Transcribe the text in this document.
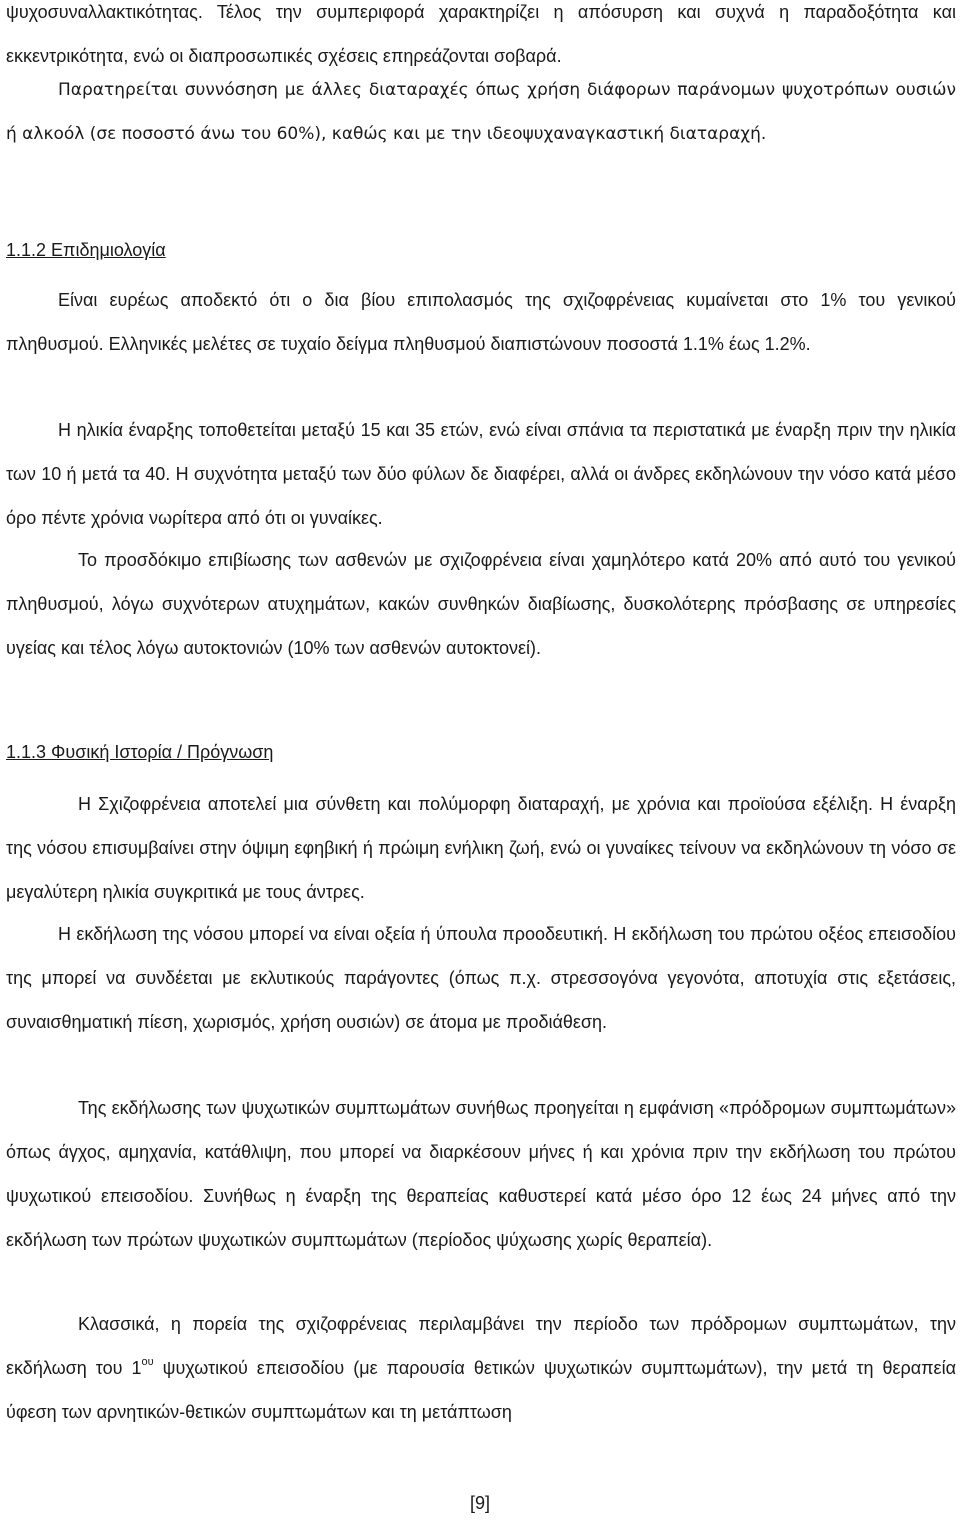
ψυχοσυναλλακτικότητας. Τέλος την συμπεριφορά χαρακτηρίζει η απόσυρση και συχνά η παραδοξότητα και εκκεντρικότητα, ενώ οι διαπροσωπικές σχέσεις επηρεάζονται σοβαρά.

Παρατηρείται συννόσηση με άλλες διαταραχές όπως χρήση διάφορων παράνομων ψυχοτρόπων ουσιών ή αλκοόλ (σε ποσοστό άνω του 60%), καθώς και με την ιδεοψυχαναγκαστική διαταραχή.

1.1.2 Επιδημιολογία

Είναι ευρέως αποδεκτό ότι ο δια βίου επιπολασμός της σχιζοφρένειας κυμαίνεται στο 1% του γενικού πληθυσμού. Ελληνικές μελέτες σε τυχαίο δείγμα πληθυσμού διαπιστώνουν ποσοστά 1.1% έως 1.2%.

Η ηλικία έναρξης τοποθετείται μεταξύ 15 και 35 ετών, ενώ είναι σπάνια τα περιστατικά με έναρξη πριν την ηλικία των 10 ή μετά τα 40. Η συχνότητα μεταξύ των δύο φύλων δε διαφέρει, αλλά οι άνδρες εκδηλώνουν την νόσο κατά μέσο όρο πέντε χρόνια νωρίτερα από ότι οι γυναίκες.

Το προσδόκιμο επιβίωσης των ασθενών με σχιζοφρένεια είναι χαμηλότερο κατά 20% από αυτό του γενικού πληθυσμού, λόγω συχνότερων ατυχημάτων, κακών συνθηκών διαβίωσης, δυσκολότερης πρόσβασης σε υπηρεσίες υγείας και τέλος λόγω αυτοκτονιών (10% των ασθενών αυτοκτονεί).

1.1.3 Φυσική Ιστορία / Πρόγνωση

Η Σχιζοφρένεια αποτελεί μια σύνθετη και πολύμορφη διαταραχή, με χρόνια και προϊούσα εξέλιξη. Η έναρξη της νόσου επισυμβαίνει στην όψιμη εφηβική ή πρώιμη ενήλικη ζωή, ενώ οι γυναίκες τείνουν να εκδηλώνουν τη νόσο σε μεγαλύτερη ηλικία συγκριτικά με τους άντρες.

Η εκδήλωση της νόσου μπορεί να είναι οξεία ή ύπουλα προοδευτική. Η εκδήλωση του πρώτου οξέος επεισοδίου της μπορεί να συνδέεται με εκλυτικούς παράγοντες (όπως π.χ. στρεσσογόνα γεγονότα, αποτυχία στις εξετάσεις, συναισθηματική πίεση, χωρισμός, χρήση ουσιών) σε άτομα με προδιάθεση.

Της εκδήλωσης των ψυχωτικών συμπτωμάτων συνήθως προηγείται η εμφάνιση «πρόδρομων συμπτωμάτων» όπως άγχος, αμηχανία, κατάθλιψη, που μπορεί να διαρκέσουν μήνες ή και χρόνια πριν την εκδήλωση του πρώτου ψυχωτικού επεισοδίου. Συνήθως η έναρξη της θεραπείας καθυστερεί κατά μέσο όρο 12 έως 24 μήνες από την εκδήλωση των πρώτων ψυχωτικών συμπτωμάτων (περίοδος ψύχωσης χωρίς θεραπεία).

Κλασσικά, η πορεία της σχιζοφρένειας περιλαμβάνει την περίοδο των πρόδρομων συμπτωμάτων, την εκδήλωση του $1^{o\upsilon}$ ψυχωτικού επεισοδίου (με παρουσία θετικών ψυχωτικών συμπτωμάτων), την μετά τη θεραπεία ύφεση των αρνητικών-θετικών συμπτωμάτων και τη μετάπτωση

[9]
